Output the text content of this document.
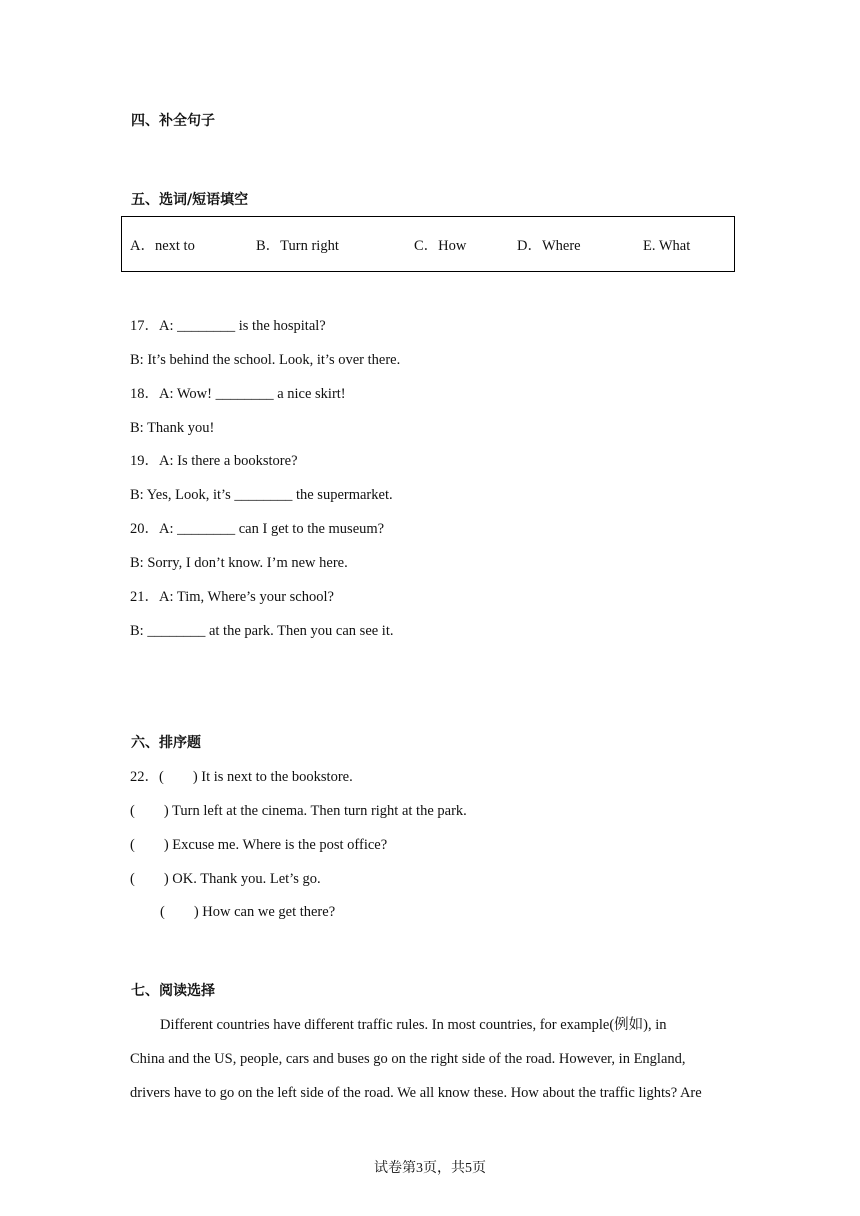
四、补全句子
五、选词/短语填空
A．next to	B．Turn right	C．How	D．Where	E. What
17．A: ________ is the hospital?
B: It’s behind the school. Look, it’s over there.
18．A: Wow! ________ a nice skirt!
B: Thank you!
19．A: Is there a bookstore?
B: Yes, Look, it’s ________ the supermarket.
20．A: ________ can I get to the museum?
B: Sorry, I don’t know. I’m new here.
21．A: Tim, Where’s your school?
B: ________ at the park. Then you can see it.
六、排序题
22．(　　) It is next to the bookstore.
(　　) Turn left at the cinema. Then turn right at the park.
(　　) Excuse me. Where is the post office?
(　　) OK. Thank you. Let’s go.
(　　) How can we get there?
七、阅读选择
Different countries have different traffic rules. In most countries, for example(例如), in
China and the US, people, cars and buses go on the right side of the road. However, in England,
drivers have to go on the left side of the road. We all know these. How about the traffic lights? Are
试卷第3页，共5页
